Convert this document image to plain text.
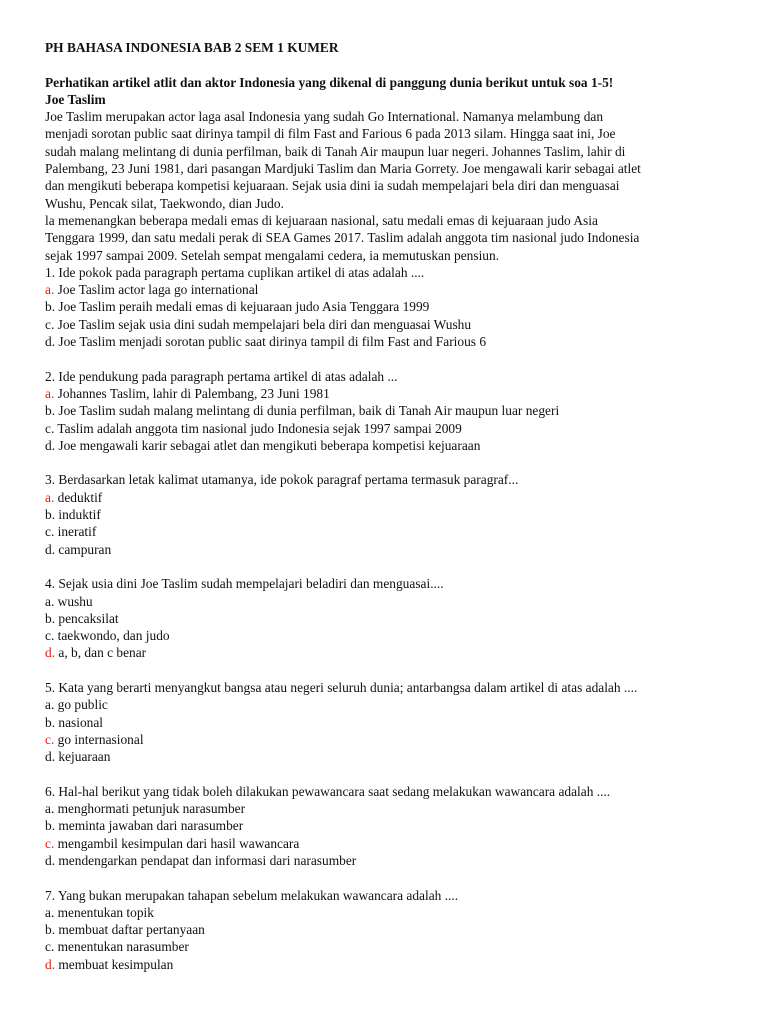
PH BAHASA INDONESIA BAB 2 SEM 1 KUMER
Perhatikan artikel atlit dan aktor Indonesia yang dikenal di panggung dunia berikut untuk soa 1-5!
Joe Taslim
Joe Taslim merupakan actor laga asal Indonesia yang sudah Go International. Namanya melambung dan
menjadi sorotan public saat dirinya tampil di film Fast and Farious 6 pada 2013 silam. Hingga saat ini, Joe
sudah malang melintang di dunia perfilman, baik di Tanah Air maupun luar negeri. Johannes Taslim, lahir di
Palembang, 23 Juni 1981, dari pasangan Mardjuki Taslim dan Maria Gorrety. Joe mengawali karir sebagai atlet
dan mengikuti beberapa kompetisi kejuaraan. Sejak usia dini ia sudah mempelajari bela diri dan menguasai
Wushu, Pencak silat, Taekwondo, dian Judo.
la memenangkan beberapa medali emas di kejuaraan nasional, satu medali emas di kejuaraan judo Asia
Tenggara 1999, dan satu medali perak di SEA Games 2017. Taslim adalah anggota tim nasional judo Indonesia
sejak 1997 sampai 2009. Setelah sempat mengalami cedera, ia memutuskan pensiun.
1. Ide pokok pada paragraph pertama cuplikan artikel di atas adalah ....
a. Joe Taslim actor laga go international
b. Joe Taslim peraih medali emas di kejuaraan judo Asia Tenggara 1999
c. Joe Taslim sejak usia dini sudah mempelajari bela diri dan menguasai Wushu
d. Joe Taslim menjadi sorotan public saat dirinya tampil di film Fast and Farious 6
2. Ide pendukung pada paragraph pertama artikel di atas adalah ...
a. Johannes Taslim, lahir di Palembang, 23 Juni 1981
b. Joe Taslim sudah malang melintang di dunia perfilman, baik di Tanah Air maupun luar negeri
c. Taslim adalah anggota tim nasional judo Indonesia sejak 1997 sampai 2009
d. Joe mengawali karir sebagai atlet dan mengikuti beberapa kompetisi kejuaraan
3. Berdasarkan letak kalimat utamanya, ide pokok paragraf pertama termasuk paragraf...
a. deduktif
b. induktif
c. ineratif
d. campuran
4. Sejak usia dini Joe Taslim sudah mempelajari beladiri dan menguasai....
a. wushu
b. pencaksilat
c. taekwondo, dan judo
d. a, b, dan c benar
5. Kata yang berarti menyangkut bangsa atau negeri seluruh dunia; antarbangsa dalam artikel di atas adalah ....
a. go public
b. nasional
c. go internasional
d. kejuaraan
6. Hal-hal berikut yang tidak boleh dilakukan pewawancara saat sedang melakukan wawancara adalah ....
a. menghormati petunjuk narasumber
b. meminta jawaban dari narasumber
c. mengambil kesimpulan dari hasil wawancara
d. mendengarkan pendapat dan informasi dari narasumber
7. Yang bukan merupakan tahapan sebelum melakukan wawancara adalah ....
a. menentukan topik
b. membuat daftar pertanyaan
c. menentukan narasumber
d. membuat kesimpulan
